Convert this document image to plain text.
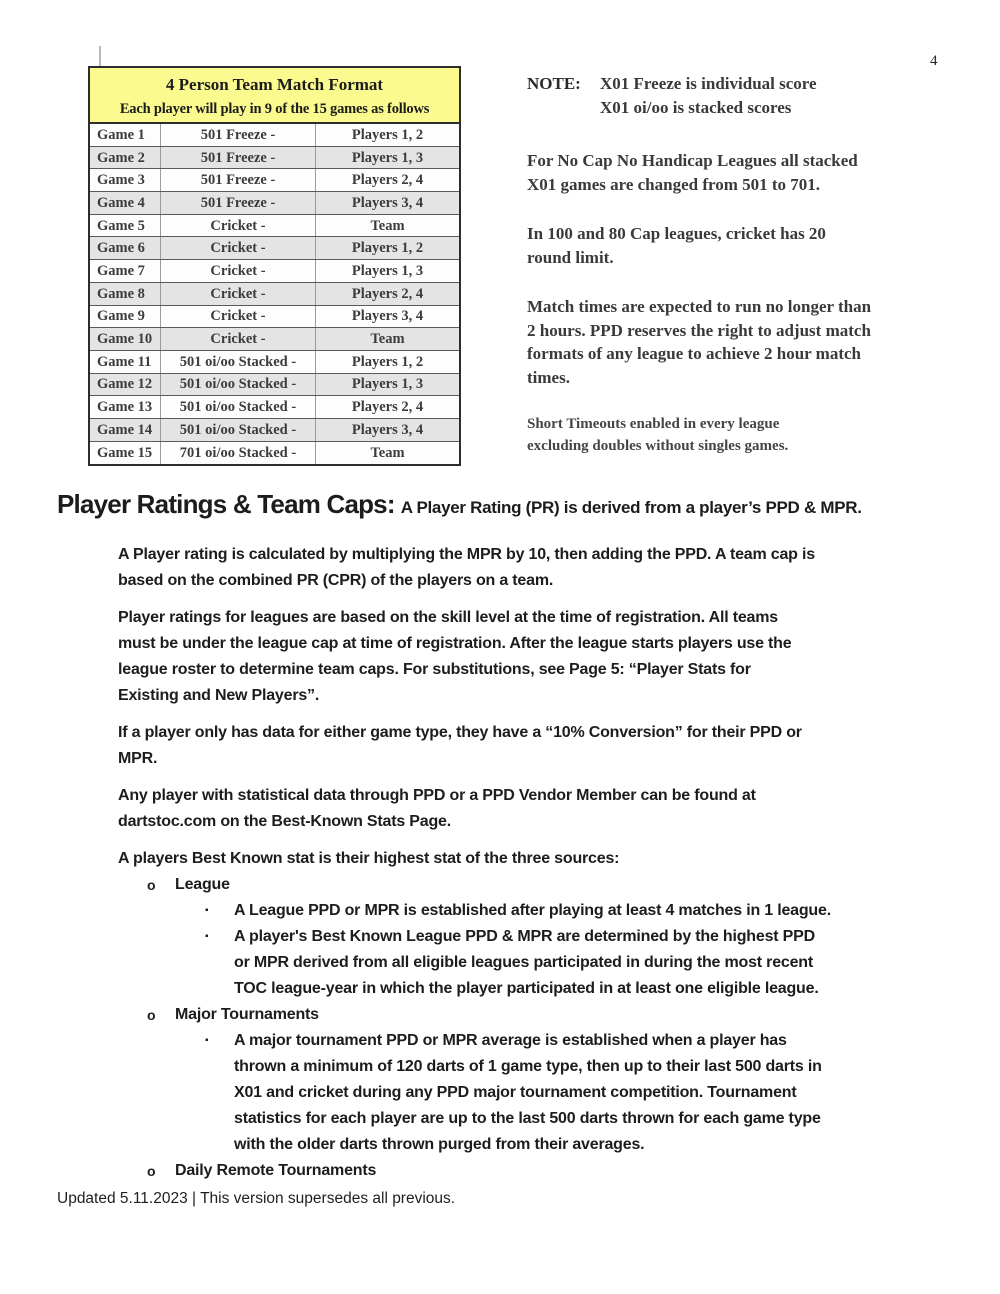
4
4 Person Team Match Format
Each player will play in 9 of the 15 games as follows
Game 1	501 Freeze -	Players 1, 2
Game 2	501 Freeze -	Players 1, 3
Game 3	501 Freeze -	Players 2, 4
Game 4	501 Freeze -	Players 3, 4
Game 5	Cricket -	Team
Game 6	Cricket -	Players 1, 2
Game 7	Cricket -	Players 1, 3
Game 8	Cricket -	Players 2, 4
Game 9	Cricket -	Players 3, 4
Game 10	Cricket -	Team
Game 11	501 oi/oo Stacked -	Players 1, 2
Game 12	501 oi/oo Stacked -	Players 1, 3
Game 13	501 oi/oo Stacked -	Players 2, 4
Game 14	501 oi/oo Stacked -	Players 3, 4
Game 15	701 oi/oo Stacked -	Team
NOTE:	X01 Freeze is individual score
X01 oi/oo is stacked scores

For No Cap No Handicap Leagues all stacked
X01 games are changed from 501 to 701.

In 100 and 80 Cap leagues, cricket has 20
round limit.

Match times are expected to run no longer than
2 hours. PPD reserves the right to adjust match
formats of any league to achieve 2 hour match
times.

Short Timeouts enabled in every league
excluding doubles without singles games.

Player Ratings & Team Caps: A Player Rating (PR) is derived from a player’s PPD & MPR.

A Player rating is calculated by multiplying the MPR by 10, then adding the PPD. A team cap is
based on the combined PR (CPR) of the players on a team.

Player ratings for leagues are based on the skill level at the time of registration. All teams
must be under the league cap at time of registration. After the league starts players use the
league roster to determine team caps. For substitutions, see Page 5: “Player Stats for
Existing and New Players”.

If a player only has data for either game type, they have a “10% Conversion” for their PPD or
MPR.

Any player with statistical data through PPD or a PPD Vendor Member can be found at
dartstoc.com on the Best-Known Stats Page.

A players Best Known stat is their highest stat of the three sources:

o	League
▪	A League PPD or MPR is established after playing at least 4 matches in 1 league.
▪	A player's Best Known League PPD & MPR are determined by the highest PPD
or MPR derived from all eligible leagues participated in during the most recent
TOC league-year in which the player participated in at least one eligible league.
o	Major Tournaments
▪	A major tournament PPD or MPR average is established when a player has
thrown a minimum of 120 darts of 1 game type, then up to their last 500 darts in
X01 and cricket during any PPD major tournament competition. Tournament
statistics for each player are up to the last 500 darts thrown for each game type
with the older darts thrown purged from their averages.
o	Daily Remote Tournaments
Updated 5.11.2023 | This version supersedes all previous.
